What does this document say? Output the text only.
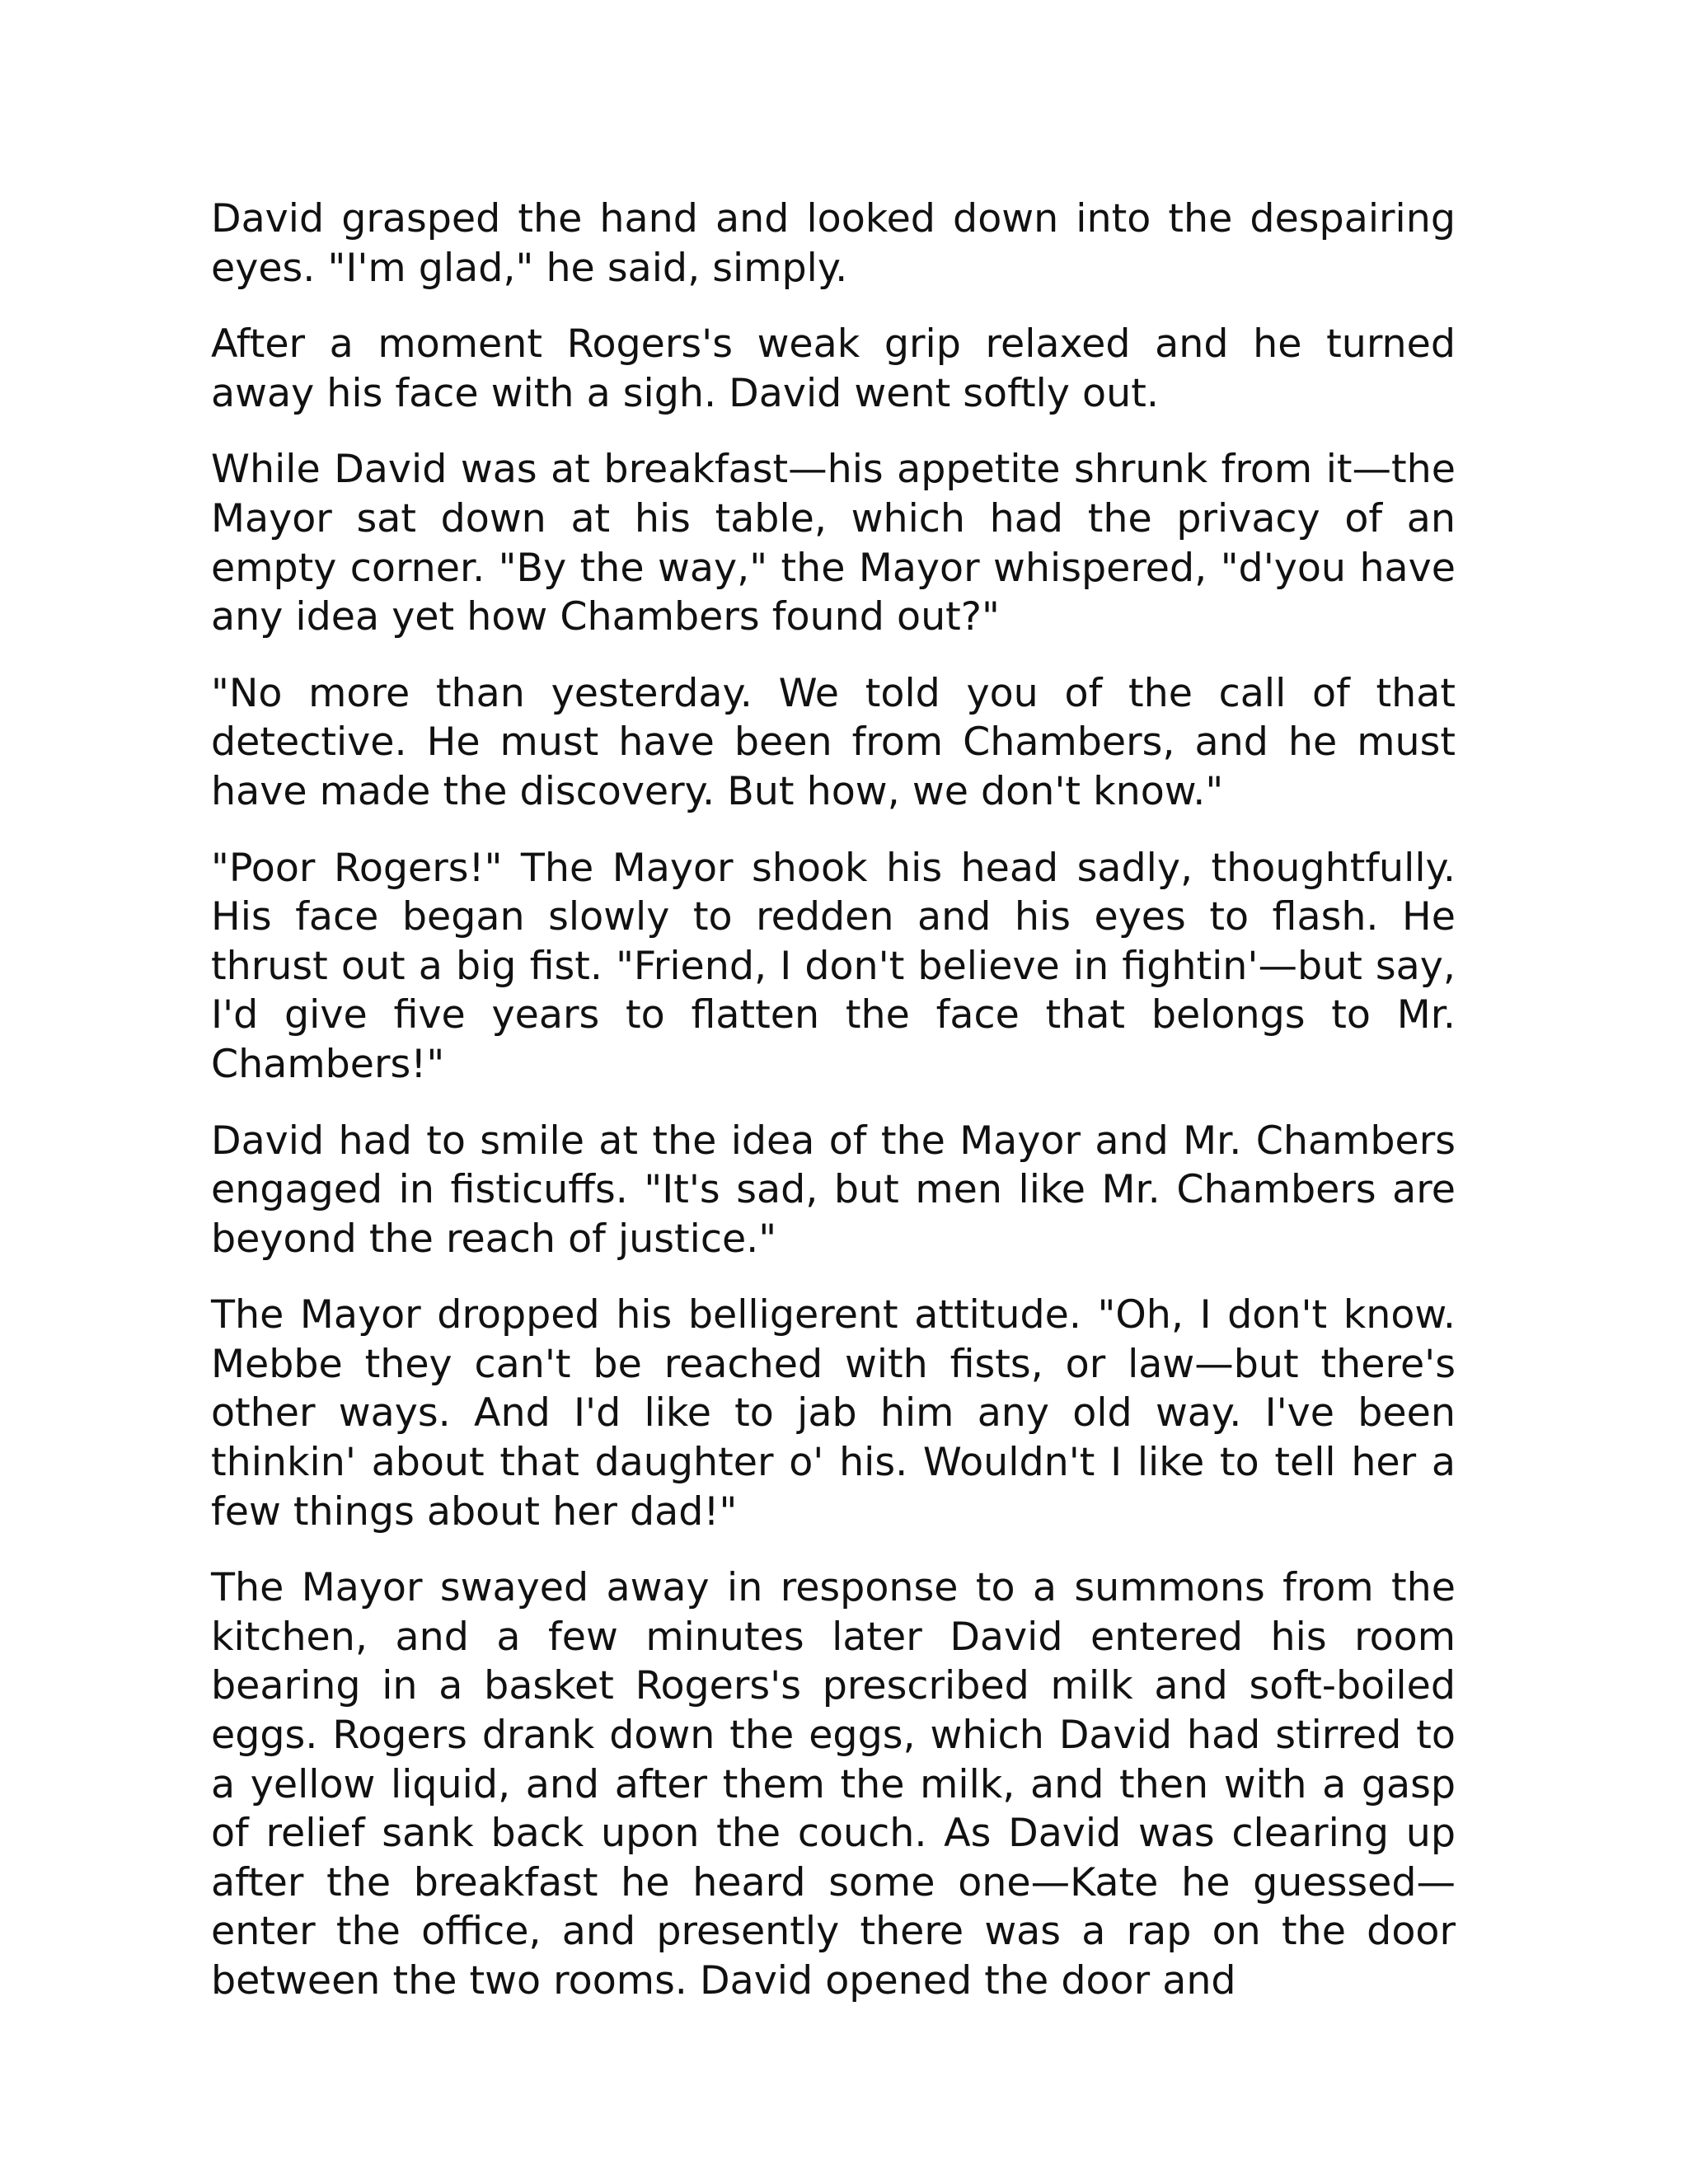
David grasped the hand and looked down into the despairing eyes. "I'm glad," he said, simply.

After a moment Rogers's weak grip relaxed and he turned away his face with a sigh. David went softly out.

While David was at breakfast—his appetite shrunk from it—the Mayor sat down at his table, which had the privacy of an empty corner. "By the way," the Mayor whispered, "d'you have any idea yet how Chambers found out?"

"No more than yesterday. We told you of the call of that detective. He must have been from Chambers, and he must have made the discovery. But how, we don't know."

"Poor Rogers!" The Mayor shook his head sadly, thoughtfully. His face began slowly to redden and his eyes to flash. He thrust out a big fist. "Friend, I don't believe in fightin'—but say, I'd give five years to flatten the face that belongs to Mr. Chambers!"

David had to smile at the idea of the Mayor and Mr. Chambers engaged in fisticuffs. "It's sad, but men like Mr. Chambers are beyond the reach of justice."

The Mayor dropped his belligerent attitude. "Oh, I don't know. Mebbe they can't be reached with fists, or law—but there's other ways. And I'd like to jab him any old way. I've been thinkin' about that daughter o' his. Wouldn't I like to tell her a few things about her dad!"

The Mayor swayed away in response to a summons from the kitchen, and a few minutes later David entered his room bearing in a basket Rogers's prescribed milk and soft-boiled eggs. Rogers drank down the eggs, which David had stirred to a yellow liquid, and after them the milk, and then with a gasp of relief sank back upon the couch. As David was clearing up after the breakfast he heard some one—Kate he guessed—enter the office, and presently there was a rap on the door between the two rooms. David opened the door and
